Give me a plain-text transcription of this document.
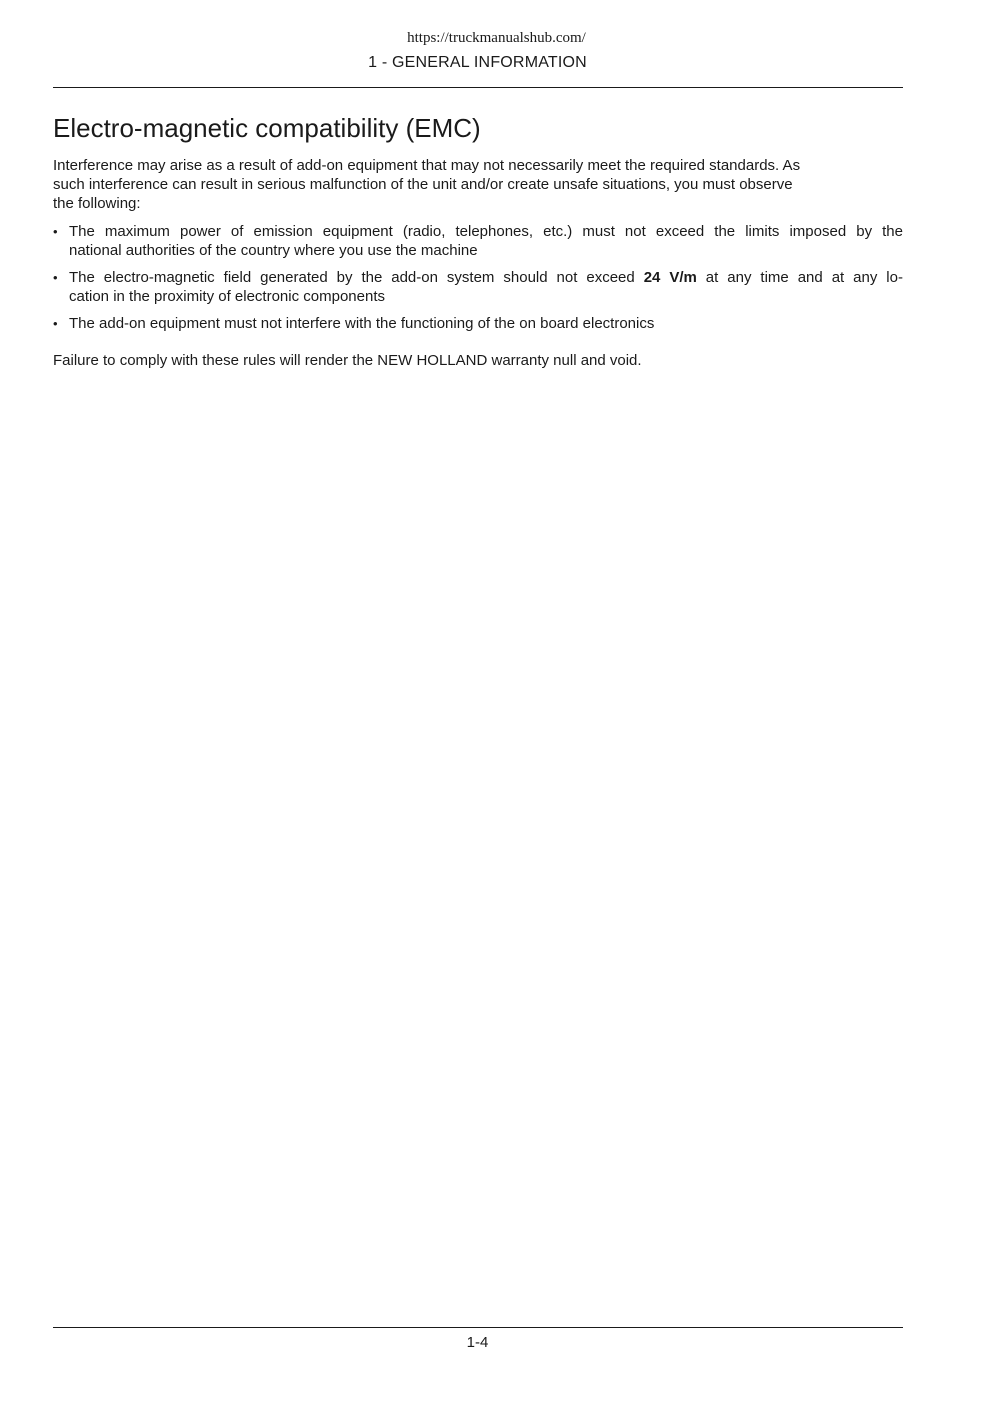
https://truckmanualshub.com/
1 - GENERAL INFORMATION
Electro-magnetic compatibility (EMC)

Interference may arise as a result of add-on equipment that may not necessarily meet the required standards. As
such interference can result in serious malfunction of the unit and/or create unsafe situations, you must observe
the following:

• The maximum power of emission equipment (radio, telephones, etc.) must not exceed the limits imposed by the
national authorities of the country where you use the machine
• The electro-magnetic field generated by the add-on system should not exceed 24 V/m at any time and at any lo-
cation in the proximity of electronic components
• The add-on equipment must not interfere with the functioning of the on board electronics

Failure to comply with these rules will render the NEW HOLLAND warranty null and void.

1-4
